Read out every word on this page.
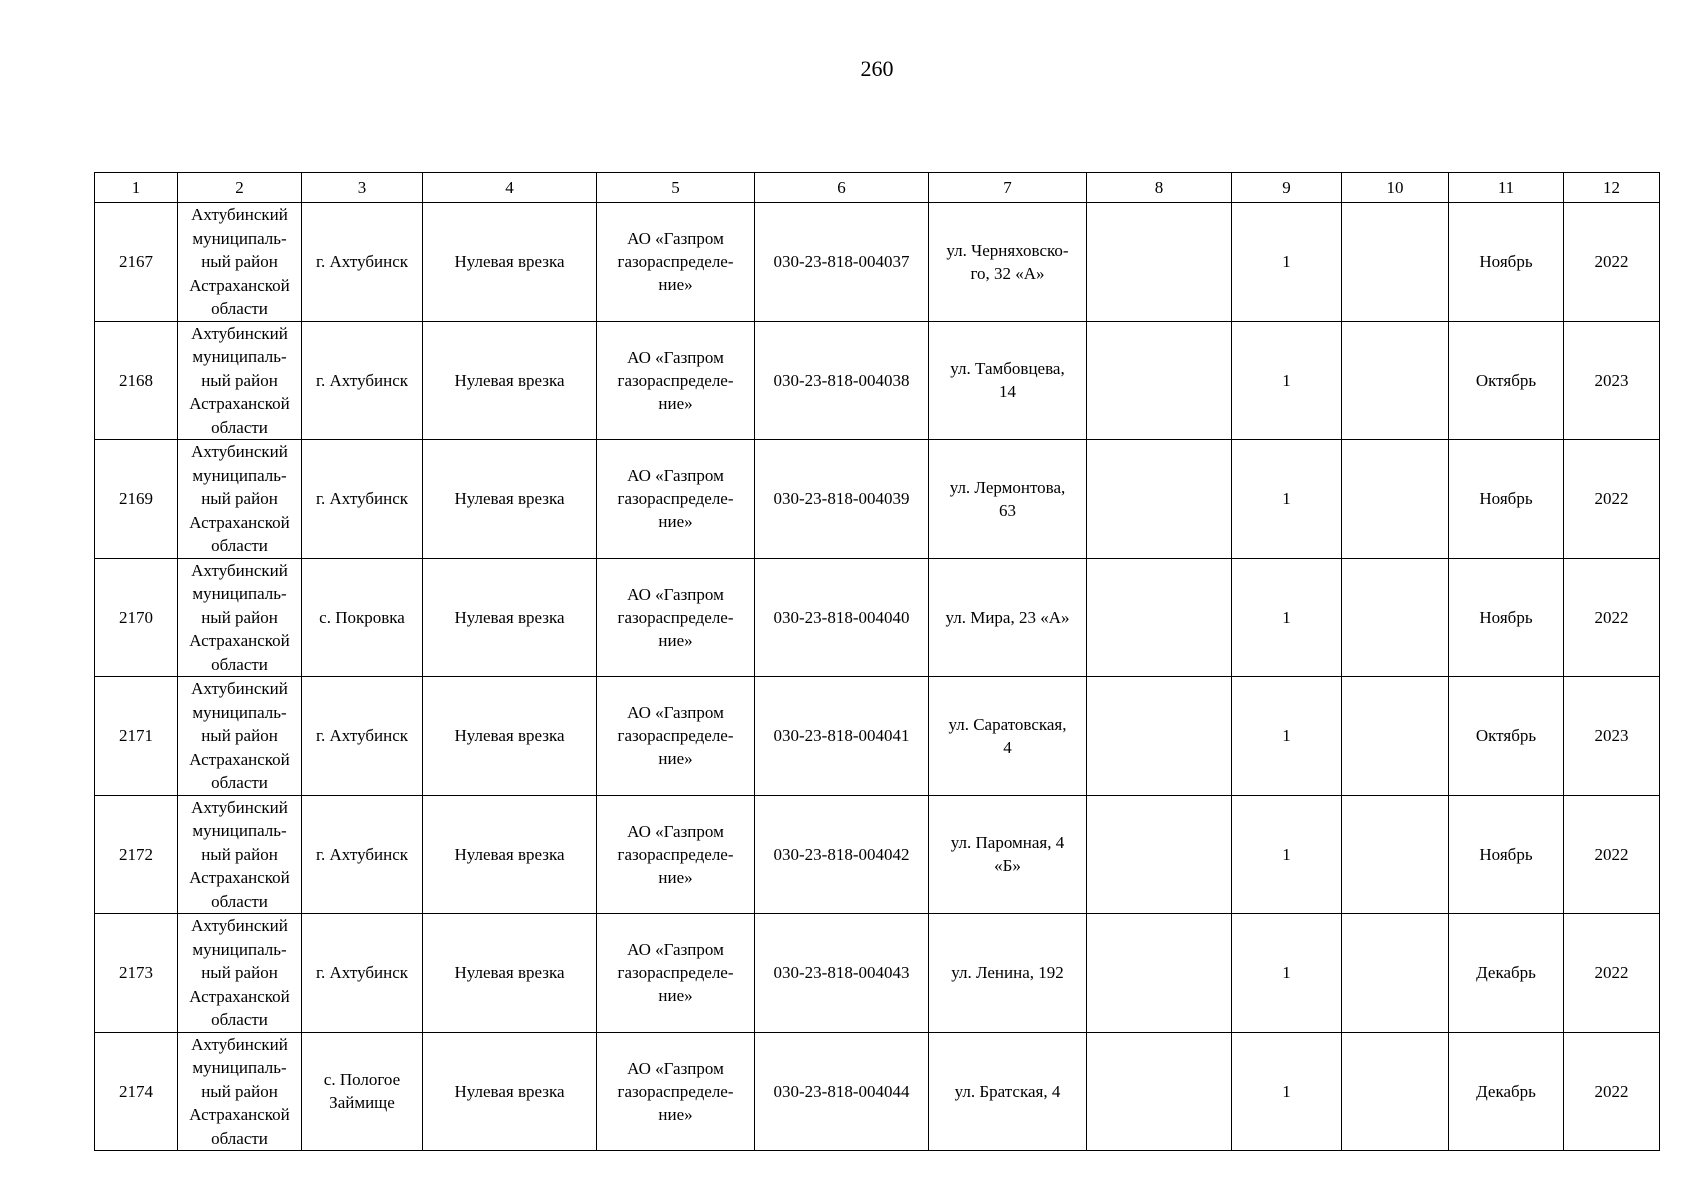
260
1	2	3	4	5	6	7	8	9	10	11	12
2167	Ахтубинский
муниципаль-
ный район
Астраханской
области	г. Ахтубинск	Нулевая врезка	АО «Газпром
газораспределе-
ние»	030-23-818-004037	ул. Черняховско-
го, 32 «А»		1		Ноябрь	2022
2168	Ахтубинский
муниципаль-
ный район
Астраханской
области	г. Ахтубинск	Нулевая врезка	АО «Газпром
газораспределе-
ние»	030-23-818-004038	ул. Тамбовцева,
14		1		Октябрь	2023
2169	Ахтубинский
муниципаль-
ный район
Астраханской
области	г. Ахтубинск	Нулевая врезка	АО «Газпром
газораспределе-
ние»	030-23-818-004039	ул. Лермонтова,
63		1		Ноябрь	2022
2170	Ахтубинский
муниципаль-
ный район
Астраханской
области	с. Покровка	Нулевая врезка	АО «Газпром
газораспределе-
ние»	030-23-818-004040	ул. Мира, 23 «А»		1		Ноябрь	2022
2171	Ахтубинский
муниципаль-
ный район
Астраханской
области	г. Ахтубинск	Нулевая врезка	АО «Газпром
газораспределе-
ние»	030-23-818-004041	ул. Саратовская,
4		1		Октябрь	2023
2172	Ахтубинский
муниципаль-
ный район
Астраханской
области	г. Ахтубинск	Нулевая врезка	АО «Газпром
газораспределе-
ние»	030-23-818-004042	ул. Паромная, 4
«Б»		1		Ноябрь	2022
2173	Ахтубинский
муниципаль-
ный район
Астраханской
области	г. Ахтубинск	Нулевая врезка	АО «Газпром
газораспределе-
ние»	030-23-818-004043	ул. Ленина, 192		1		Декабрь	2022
2174	Ахтубинский
муниципаль-
ный район
Астраханской
области	с. Пологое
Займище	Нулевая врезка	АО «Газпром
газораспределе-
ние»	030-23-818-004044	ул. Братская, 4		1		Декабрь	2022
